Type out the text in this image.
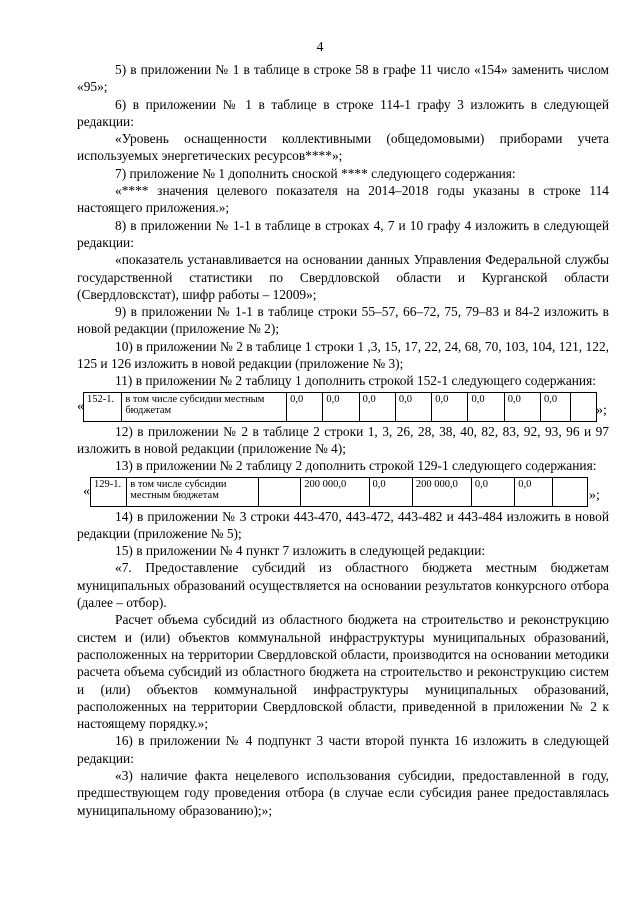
4

5) в приложении № 1 в таблице в строке 58 в графе 11 число «154» заменить числом «95»;

6) в приложении № 1 в таблице в строке 114-1 графу 3 изложить в следующей редакции:

«Уровень оснащенности коллективными (общедомовыми) приборами учета используемых энергетических ресурсов****»;

7) приложение № 1 дополнить сноской **** следующего содержания:

«**** значения целевого показателя на 2014–2018 годы указаны в строке 114 настоящего приложения.»;

8) в приложении № 1-1 в таблице в строках 4, 7 и 10 графу 4 изложить в следующей редакции:

«показатель устанавливается на основании данных Управления Федеральной службы государственной статистики по Свердловской области и Курганской области (Свердловскстат), шифр работы – 12009»;

9) в приложении № 1-1 в таблице строки 55–57, 66–72, 75, 79–83 и 84-2 изложить в новой редакции (приложение № 2);

10) в приложении № 2 в таблице 1 строки 1 ,3, 15, 17, 22, 24, 68, 70, 103, 104, 121, 122, 125 и 126 изложить в новой редакции (приложение № 3);

11) в приложении № 2 таблицу 1 дополнить строкой 152-1 следующего содержания:

« 152-1.	в том числе субсидии местным бюджетам	0,0	0,0	0,0	0,0	0,0	0,0	0,0	0,0	
»;

12) в приложении № 2 в таблице 2 строки 1, 3, 26, 28, 38, 40, 82, 83, 92, 93, 96 и 97 изложить в новой редакции (приложение № 4);

13) в приложении № 2 таблицу 2 дополнить строкой 129-1 следующего содержания:

« 129-1.	в том числе субсидии местным бюджетам		200 000,0	0,0	200 000,0	0,0	0,0	
»;

14) в приложении № 3 строки 443-470, 443-472, 443-482 и 443-484 изложить в новой редакции (приложение № 5);

15) в приложении № 4 пункт 7 изложить в следующей редакции:

«7. Предоставление субсидий из областного бюджета местным бюджетам муниципальных образований осуществляется на основании результатов конкурсного отбора (далее – отбор).

Расчет объема субсидий из областного бюджета на строительство и реконструкцию систем и (или) объектов коммунальной инфраструктуры муниципальных образований, расположенных на территории Свердловской области, производится на основании методики расчета объема субсидий из областного бюджета на строительство и реконструкцию систем и (или) объектов коммунальной инфраструктуры муниципальных образований, расположенных на территории Свердловской области, приведенной в приложении № 2 к настоящему порядку.»;

16) в приложении № 4 подпункт 3 части второй пункта 16 изложить в следующей редакции:

«3) наличие факта нецелевого использования субсидии, предоставленной в году, предшествующем году проведения отбора (в случае если субсидия ранее предоставлялась муниципальному образованию);»;
